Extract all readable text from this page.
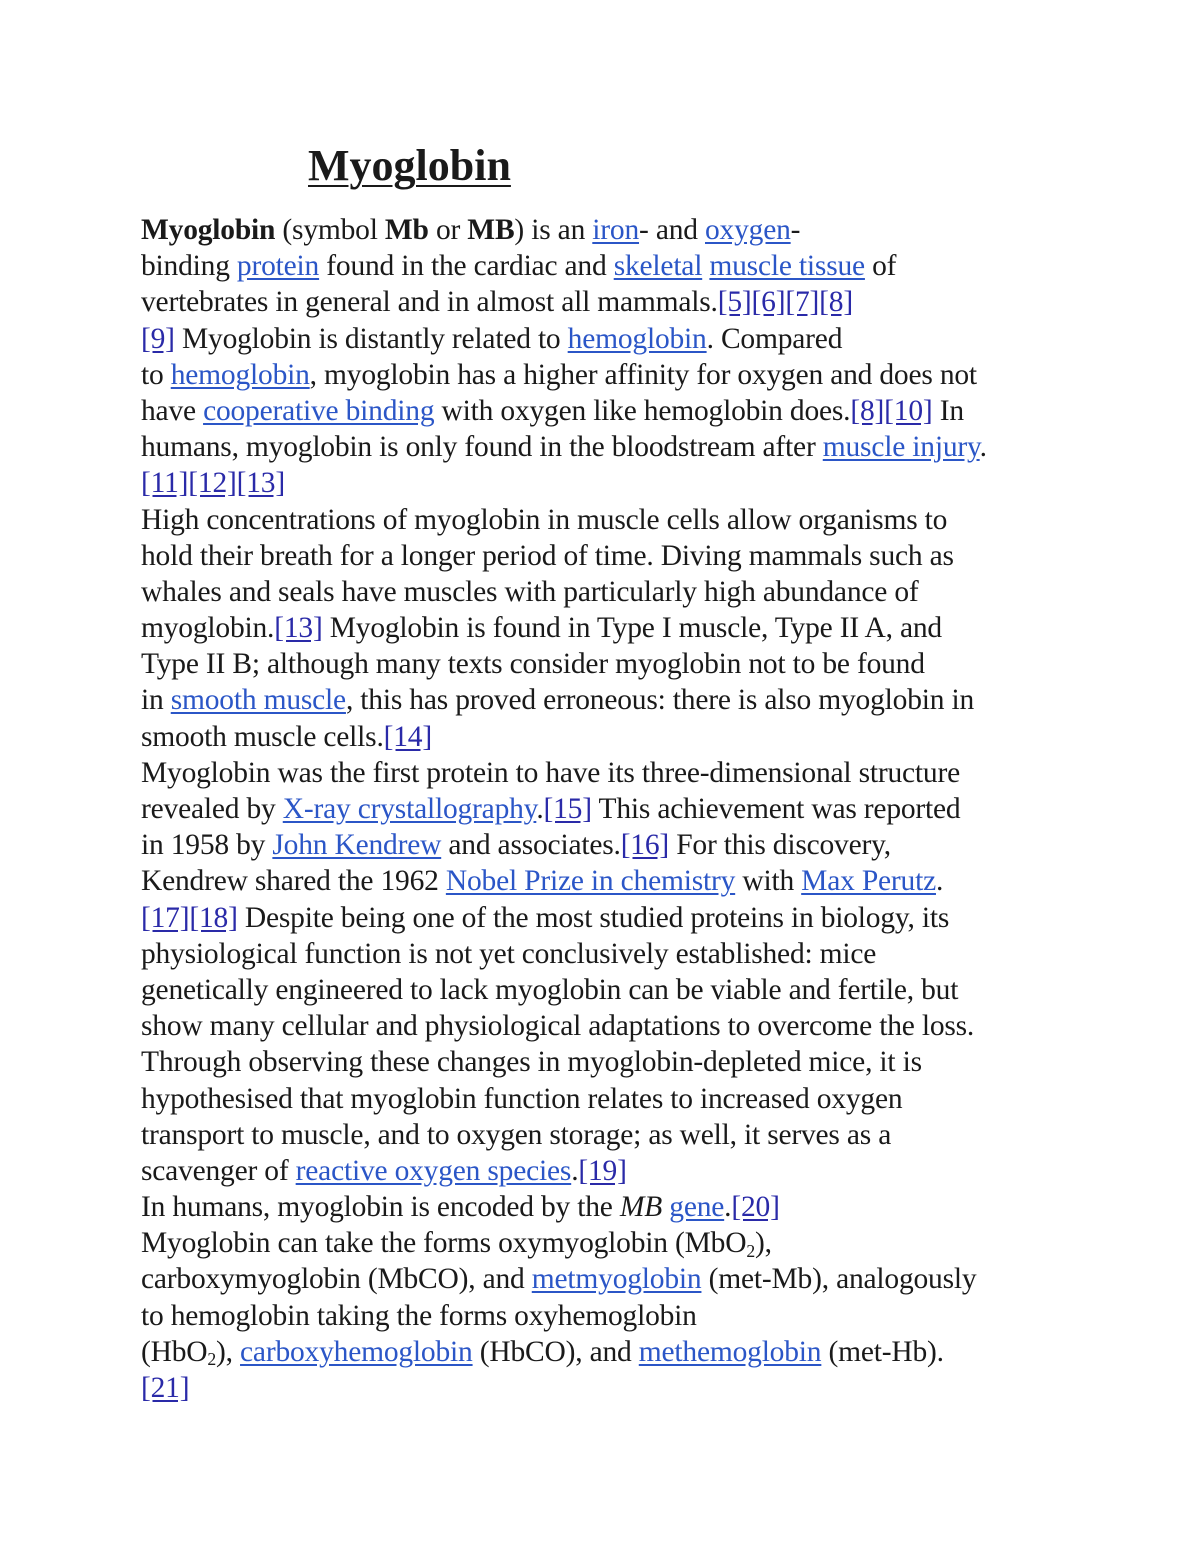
Myoglobin
Myoglobin (symbol Mb or MB) is an iron- and oxygen-
binding protein found in the cardiac and skeletal muscle tissue of
vertebrates in general and in almost all mammals.[5][6][7][8]
[9] Myoglobin is distantly related to hemoglobin. Compared
to hemoglobin, myoglobin has a higher affinity for oxygen and does not
have cooperative binding with oxygen like hemoglobin does.[8][10] In
humans, myoglobin is only found in the bloodstream after muscle injury.
[11][12][13]
High concentrations of myoglobin in muscle cells allow organisms to
hold their breath for a longer period of time. Diving mammals such as
whales and seals have muscles with particularly high abundance of
myoglobin.[13] Myoglobin is found in Type I muscle, Type II A, and
Type II B; although many texts consider myoglobin not to be found
in smooth muscle, this has proved erroneous: there is also myoglobin in
smooth muscle cells.[14]
Myoglobin was the first protein to have its three-dimensional structure
revealed by X-ray crystallography.[15] This achievement was reported
in 1958 by John Kendrew and associates.[16] For this discovery,
Kendrew shared the 1962 Nobel Prize in chemistry with Max Perutz.
[17][18] Despite being one of the most studied proteins in biology, its
physiological function is not yet conclusively established: mice
genetically engineered to lack myoglobin can be viable and fertile, but
show many cellular and physiological adaptations to overcome the loss.
Through observing these changes in myoglobin-depleted mice, it is
hypothesised that myoglobin function relates to increased oxygen
transport to muscle, and to oxygen storage; as well, it serves as a
scavenger of reactive oxygen species.[19]
In humans, myoglobin is encoded by the MB gene.[20]
Myoglobin can take the forms oxymyoglobin (MbO$_2$),
carboxymyoglobin (MbCO), and metmyoglobin (met-Mb), analogously
to hemoglobin taking the forms oxyhemoglobin
(HbO$_2$), carboxyhemoglobin (HbCO), and methemoglobin (met-Hb).
[21]
